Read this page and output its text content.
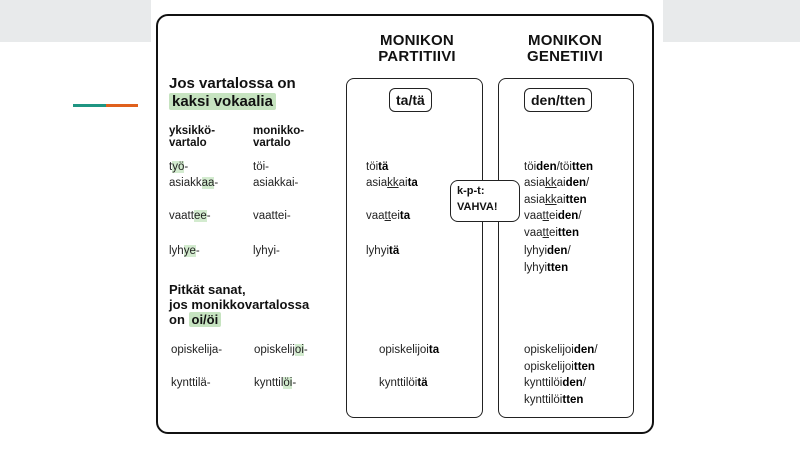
MONIKON
PARTITIIVI
MONIKON
GENETIIVI
ta/tä	den/tten
Jos vartalossa on
kaksi vokaalia
yksikkö-
vartalo
monikko-
vartalo
työ-	töi-	töitä	töiden/töitten
asiakkaa-	asiakkai-	asiakkaita	asiakkaiden/
asiakkaitten
vaattee-	vaattei-	vaatteita	vaatteiden/
vaatteitten
lyhye-	lyhyi-	lyhyitä	lyhyiden/
lyhyitten
k-p-t:
VAHVA!
Pitkät sanat,
jos monikkovartalossa
on oi/öi
opiskelija-	opiskelijoi-	opiskelijoita	opiskelijoiden/
opiskelijoitten
kynttilä-	kynttilöi-	kynttilöitä	kynttilöiden/
kynttilöitten
